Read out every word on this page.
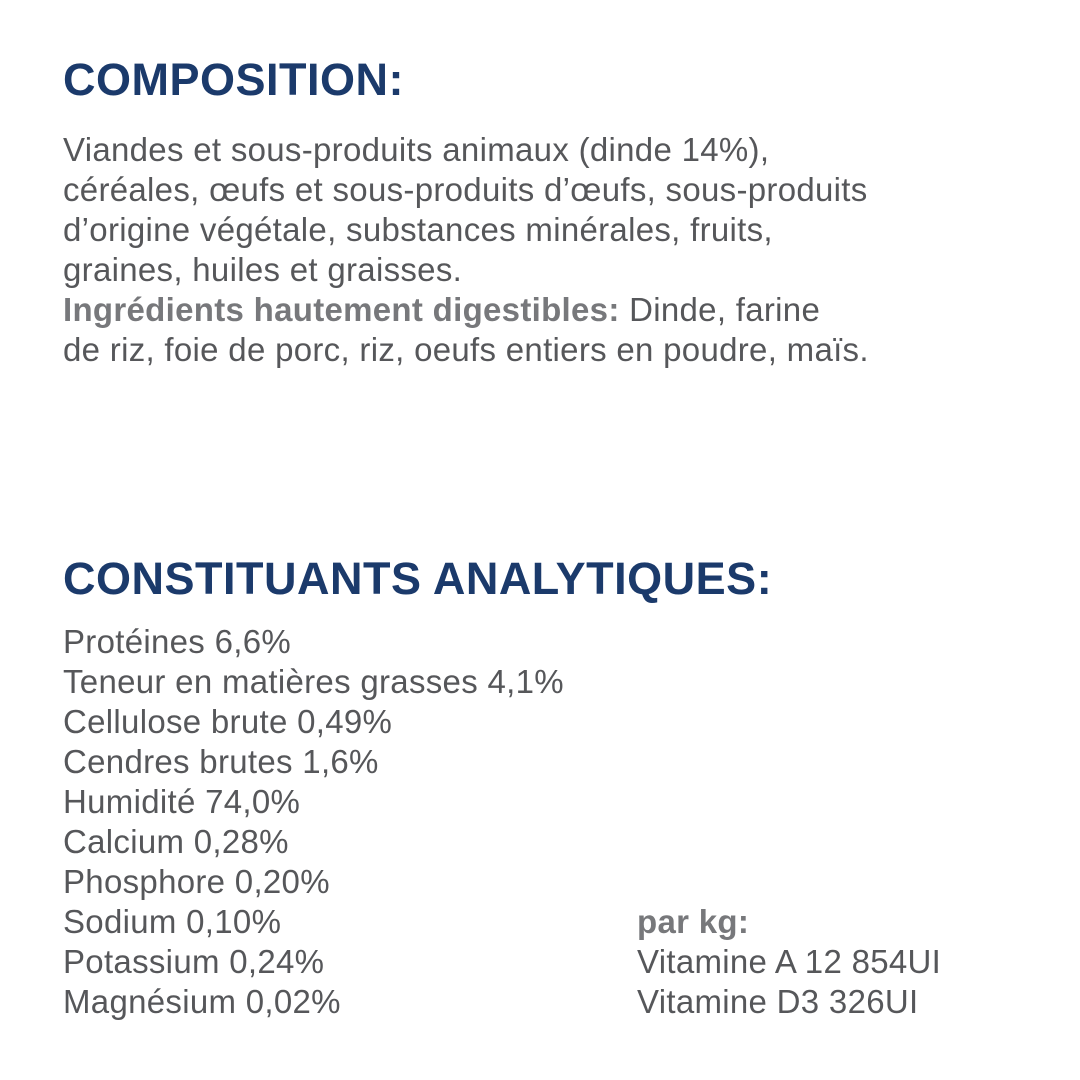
COMPOSITION:
Viandes et sous-produits animaux (dinde 14%),
céréales, œufs et sous-produits d’œufs, sous-produits
d’origine végétale, substances minérales, fruits,
graines, huiles et graisses.
Ingrédients hautement digestibles: Dinde, farine
de riz, foie de porc, riz, oeufs entiers en poudre, maïs.
CONSTITUANTS ANALYTIQUES:
Protéines 6,6%
Teneur en matières grasses 4,1%
Cellulose brute 0,49%
Cendres brutes 1,6%
Humidité 74,0%
Calcium 0,28%
Phosphore 0,20%
Sodium 0,10%
Potassium 0,24%
Magnésium 0,02%
par kg:
Vitamine A 12 854UI
Vitamine D3 326UI
